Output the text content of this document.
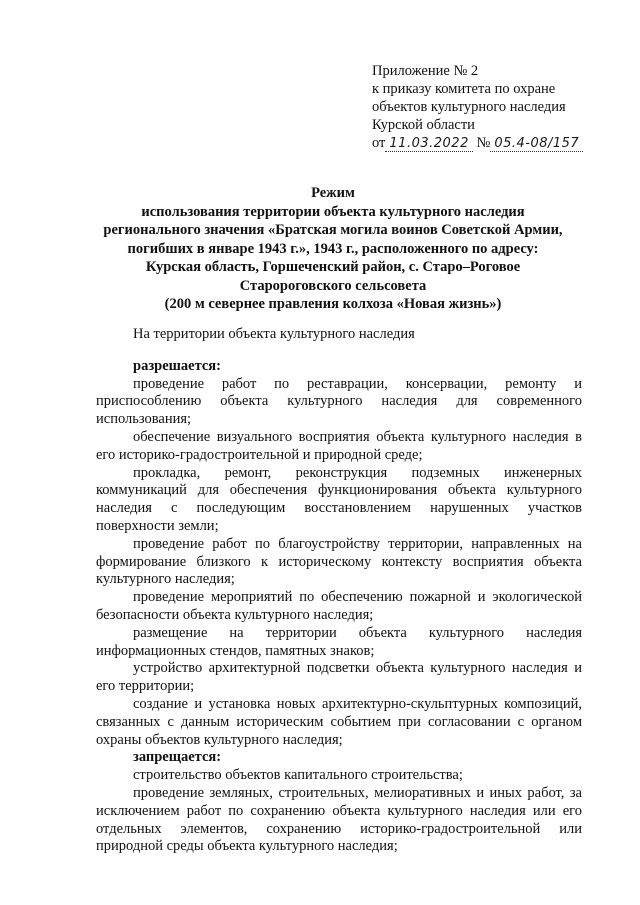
Приложение № 2
к приказу комитета по охране
объектов культурного наследия
Курской области
от 11.03.2022 № 05.4-08/157
Режим
использования территории объекта культурного наследия
регионального значения «Братская могила воинов Советской Армии,
погибших в январе 1943 г.», 1943 г., расположенного по адресу:
Курская область, Горшеченский район, с. Старо–Роговое
Старороговского сельсовета
(200 м севернее правления колхоза «Новая жизнь»)

На территории объекта культурного наследия

разрешается:

проведение работ по реставрации, консервации, ремонту и приспособлению объекта культурного наследия для современного использования;

обеспечение визуального восприятия объекта культурного наследия в его историко-градостроительной и природной среде;

прокладка, ремонт, реконструкция подземных инженерных коммуникаций для обеспечения функционирования объекта культурного наследия с последующим восстановлением нарушенных участков поверхности земли;

проведение работ по благоустройству территории, направленных на формирование близкого к историческому контексту восприятия объекта культурного наследия;

проведение мероприятий по обеспечению пожарной и экологической безопасности объекта культурного наследия;

размещение на территории объекта культурного наследия информационных стендов, памятных знаков;

устройство архитектурной подсветки объекта культурного наследия и его территории;

создание и установка новых архитектурно-скульптурных композиций, связанных с данным историческим событием при согласовании с органом охраны объектов культурного наследия;

запрещается:

строительство объектов капитального строительства;

проведение земляных, строительных, мелиоративных и иных работ, за исключением работ по сохранению объекта культурного наследия или его отдельных элементов, сохранению историко-градостроительной или природной среды объекта культурного наследия;
